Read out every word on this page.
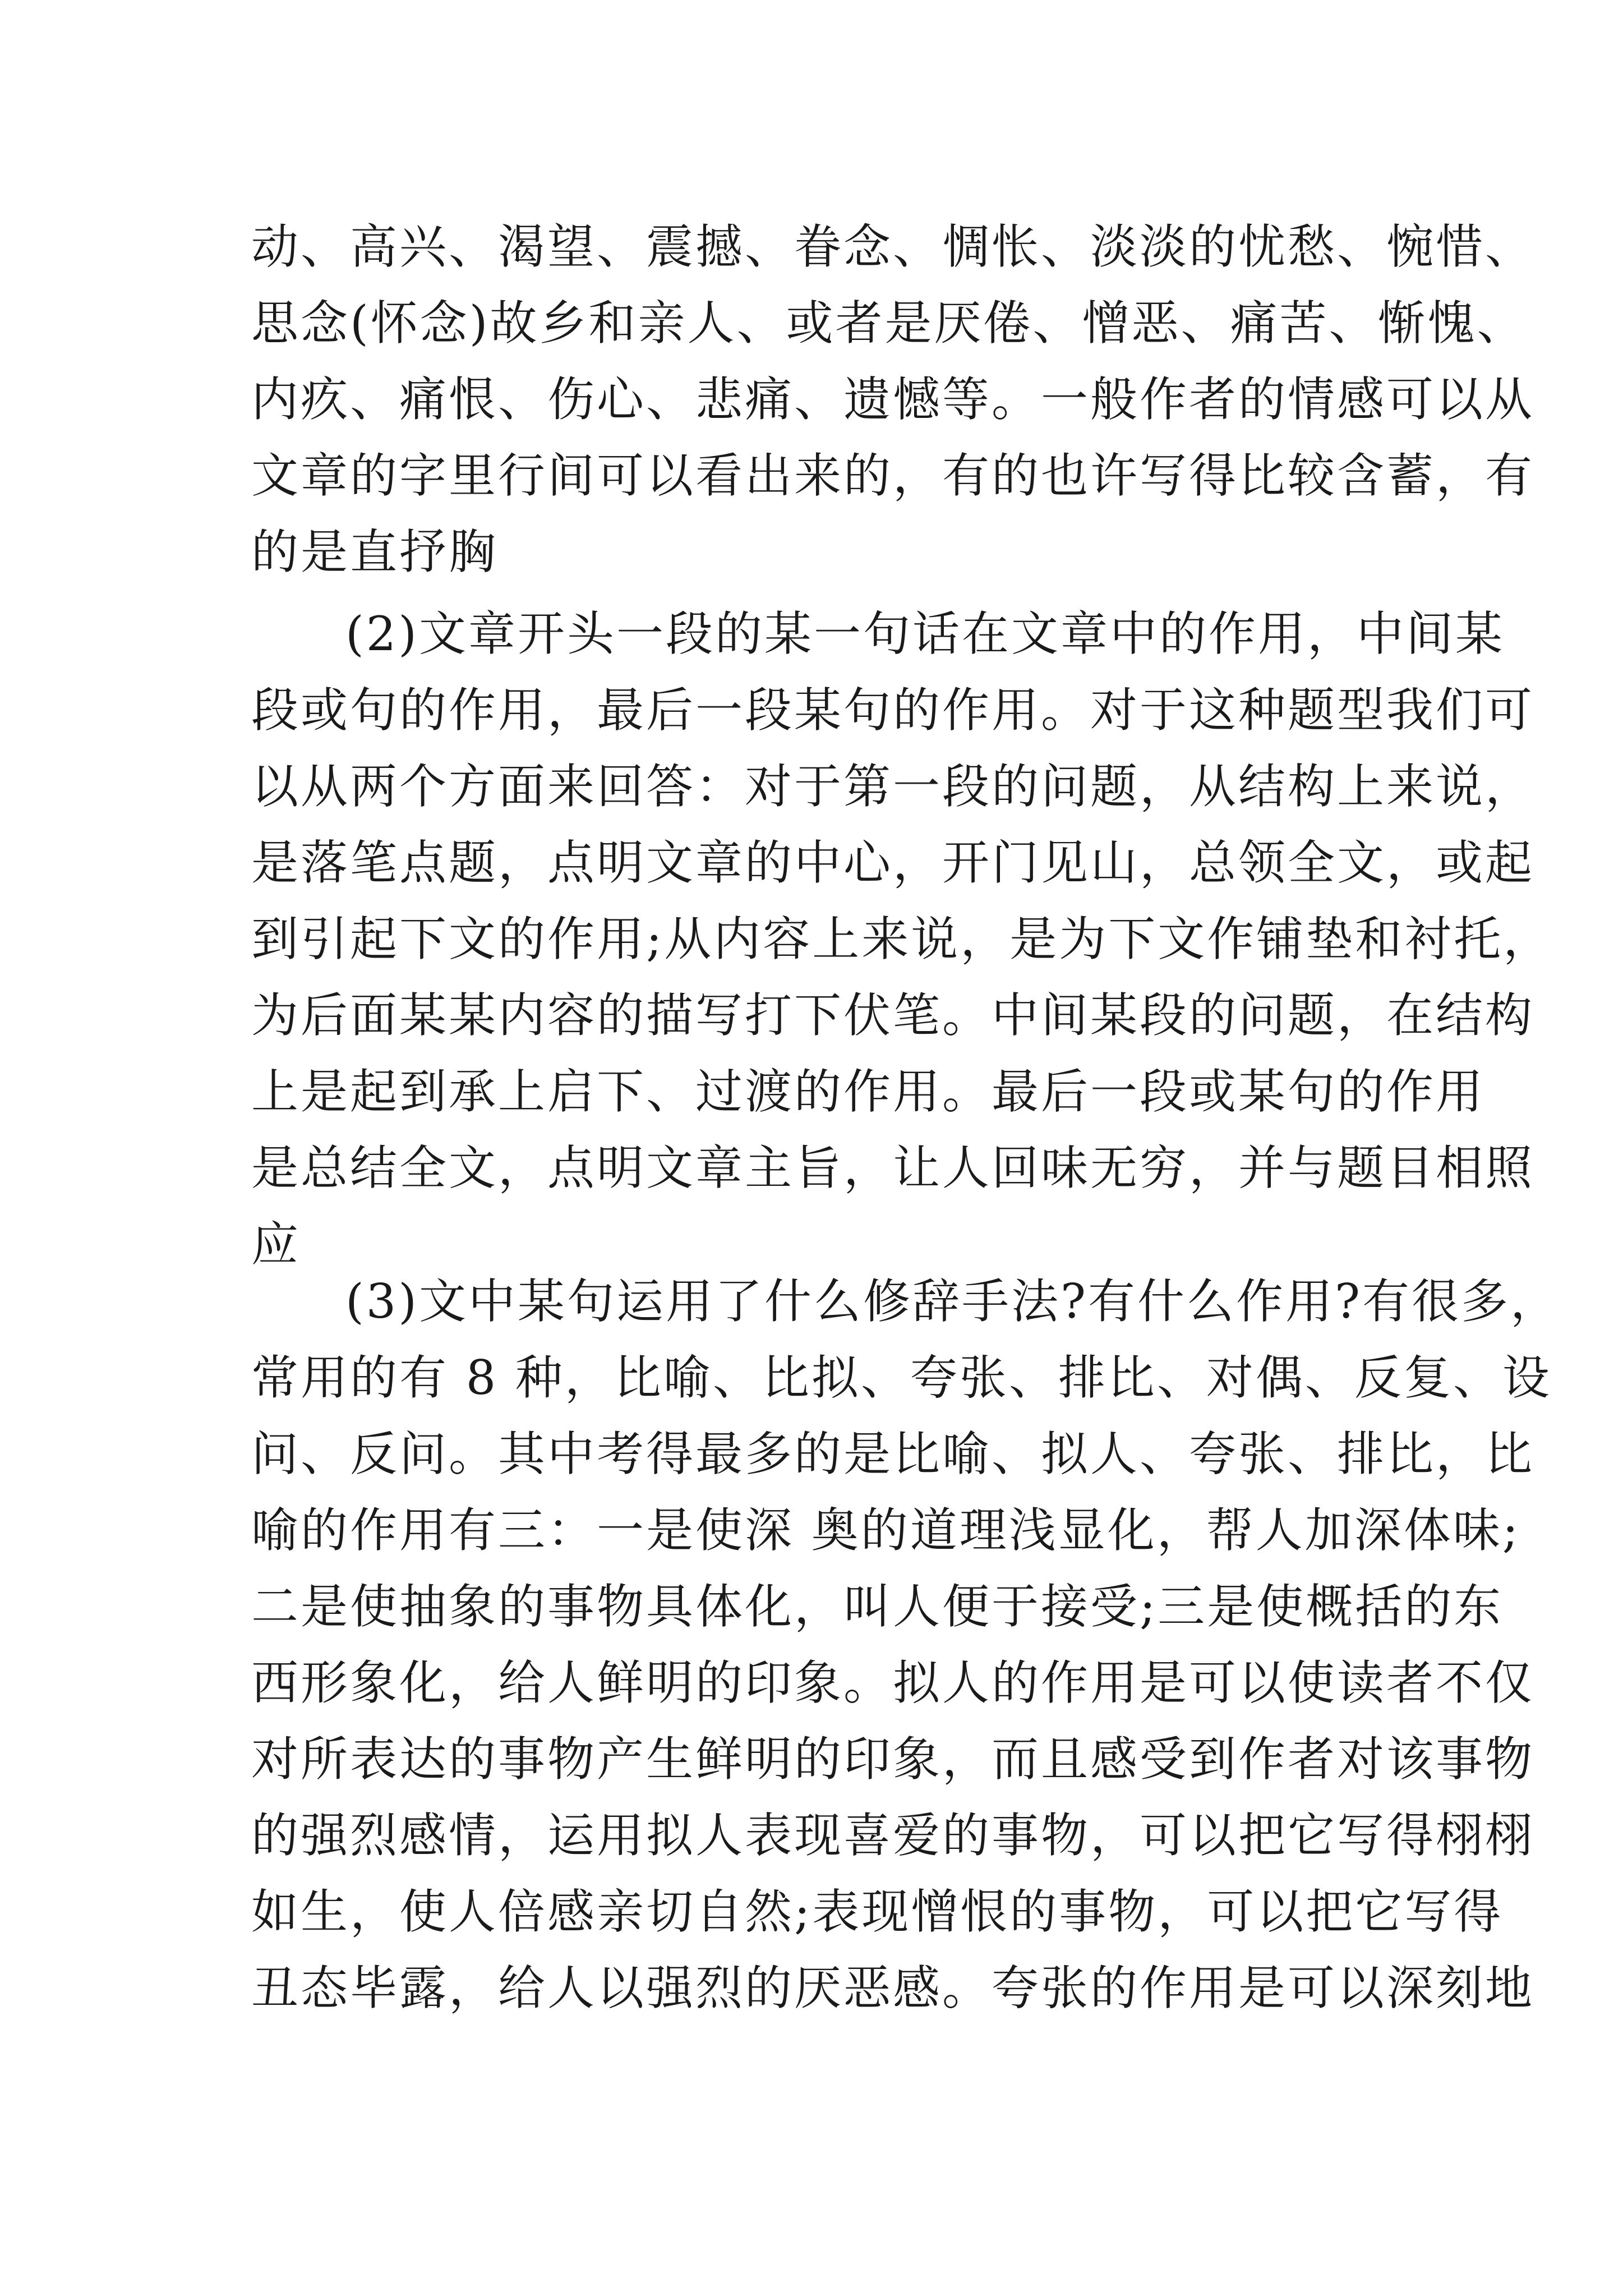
动、高兴、渴望、震撼、眷念、惆怅、淡淡的忧愁、惋惜、
思念(怀念)故乡和亲人、或者是厌倦、憎恶、痛苦、惭愧、
内疚、痛恨、伤心、悲痛、遗憾等。一般作者的情感可以从
文章的字里行间可以看出来的，有的也许写得比较含蓄，有
的是直抒胸

(2)文章开头一段的某一句话在文章中的作用，中间某
段或句的作用，最后一段某句的作用。对于这种题型我们可
以从两个方面来回答：对于第一段的问题，从结构上来说，
是落笔点题，点明文章的中心，开门见山，总领全文，或起
到引起下文的作用;从内容上来说，是为下文作铺垫和衬托，
为后面某某内容的描写打下伏笔。中间某段的问题，在结构
上是起到承上启下、过渡的作用。最后一段或某句的作用
是总结全文，点明文章主旨，让人回味无穷，并与题目相照
应

(3)文中某句运用了什么修辞手法?有什么作用?有很多，
常用的有 8 种，比喻、比拟、夸张、排比、对偶、反复、设
问、反问。其中考得最多的是比喻、拟人、夸张、排比，比
喻的作用有三：一是使深 奥的道理浅显化，帮人加深体味;
二是使抽象的事物具体化，叫人便于接受;三是使概括的东
西形象化，给人鲜明的印象。拟人的作用是可以使读者不仅
对所表达的事物产生鲜明的印象，而且感受到作者对该事物
的强烈感情，运用拟人表现喜爱的事物，可以把它写得栩栩
如生，使人倍感亲切自然;表现憎恨的事物，可以把它写得
丑态毕露，给人以强烈的厌恶感。夸张的作用是可以深刻地
